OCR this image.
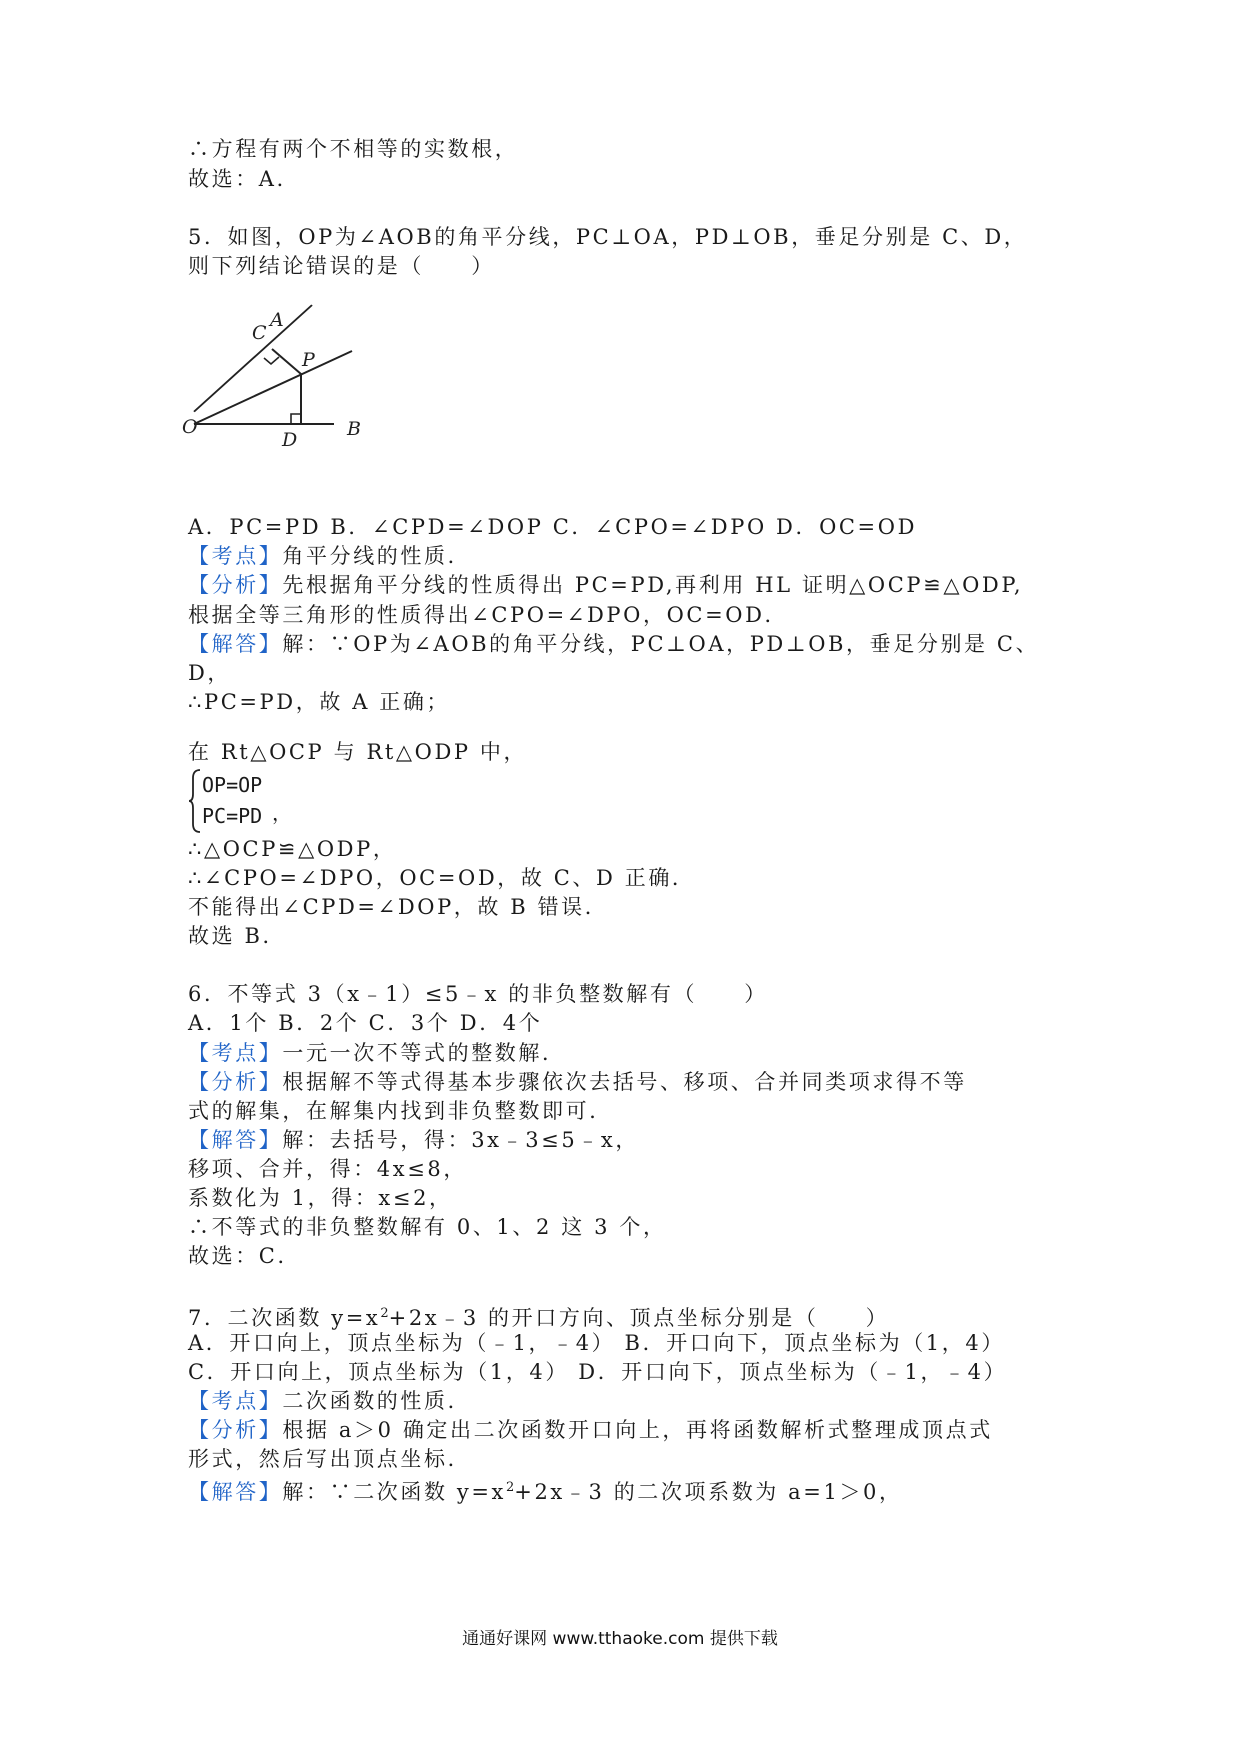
∴方程有两个不相等的实数根，
故选：A．
5．如图，OP为∠AOB的角平分线，PC⊥OA，PD⊥OB，垂足分别是 C、D，
则下列结论错误的是（　　）
A
C
P
O
D	B
A．PC=PD B．∠CPD=∠DOP C．∠CPO=∠DPO D．OC=OD
【考点】角平分线的性质．
【分析】先根据角平分线的性质得出 PC=PD,再利用 HL 证明△OCP≌△ODP,
根据全等三角形的性质得出∠CPO=∠DPO，OC=OD．
【解答】解：∵OP为∠AOB的角平分线，PC⊥OA，PD⊥OB，垂足分别是 C、
D，
∴PC=PD，故 A 正确；
在 Rt△OCP 与 Rt△ODP 中，
OP=OP
PC=PD ，
∴△OCP≌△ODP，
∴∠CPO=∠DPO，OC=OD，故 C、D 正确．
不能得出∠CPD=∠DOP，故 B 错误．
故选 B．
6．不等式 3（x﹣1）≤5﹣x 的非负整数解有（　　）
A．1个 B．2个 C．3个 D．4个
【考点】一元一次不等式的整数解．
【分析】根据解不等式得基本步骤依次去括号、移项、合并同类项求得不等
式的解集，在解集内找到非负整数即可．
【解答】解：去括号，得：3x﹣3≤5﹣x，
移项、合并，得：4x≤8，
系数化为 1，得：x≤2，
∴不等式的非负整数解有 0、1、2 这 3 个，
故选：C．
7．二次函数 $y=x^2+2x﹣3$ 的开口方向、顶点坐标分别是（　　）
A．开口向上，顶点坐标为（﹣1，﹣4） B．开口向下，顶点坐标为（1，4）
C．开口向上，顶点坐标为（1，4） D．开口向下，顶点坐标为（﹣1，﹣4）
【考点】二次函数的性质．
【分析】根据 a＞0 确定出二次函数开口向上，再将函数解析式整理成顶点式
形式，然后写出顶点坐标．
【解答】解：∵二次函数 $y=x^2+2x﹣3$ 的二次项系数为 a=1＞0，
通通好课网 www.tthaoke.com 提供下载
